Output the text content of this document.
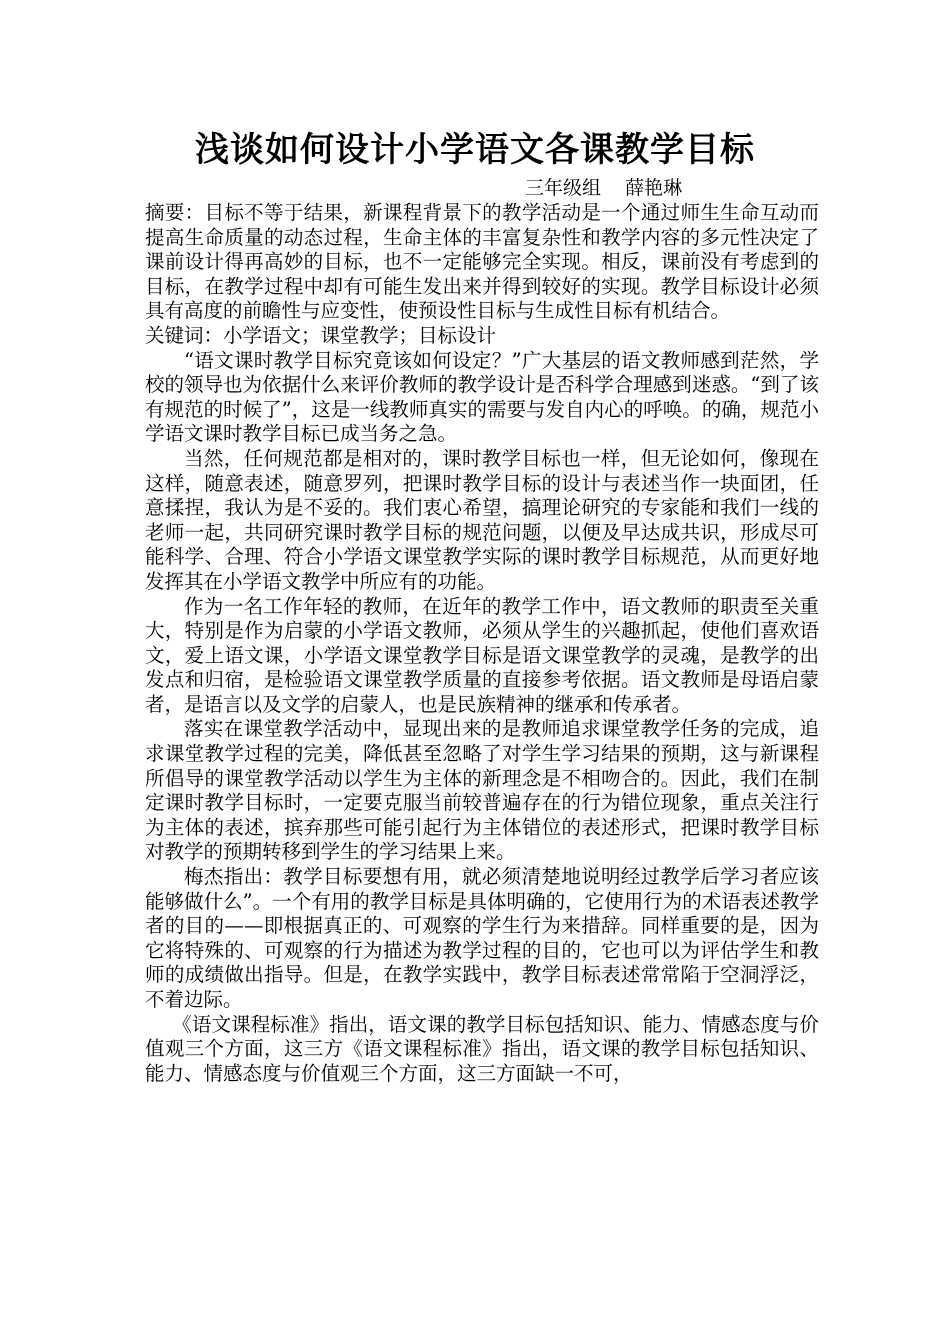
浅谈如何设计小学语文各课教学目标
三年级组    薛艳琳

摘要：目标不等于结果，新课程背景下的教学活动是一个通过师生生命互动而提高生命质量的动态过程，生命主体的丰富复杂性和教学内容的多元性决定了课前设计得再高妙的目标，也不一定能够完全实现。相反，课前没有考虑到的目标，在教学过程中却有可能生发出来并得到较好的实现。教学目标设计必须具有高度的前瞻性与应变性，使预设性目标与生成性目标有机结合。

关键词：小学语文；课堂教学；目标设计

“语文课时教学目标究竟该如何设定？”广大基层的语文教师感到茫然，学校的领导也为依据什么来评价教师的教学设计是否科学合理感到迷惑。“到了该有规范的时候了”，这是一线教师真实的需要与发自内心的呼唤。的确，规范小学语文课时教学目标已成当务之急。

当然，任何规范都是相对的，课时教学目标也一样，但无论如何，像现在这样，随意表述，随意罗列，把课时教学目标的设计与表述当作一块面团，任意揉捏，我认为是不妥的。我们衷心希望，搞理论研究的专家能和我们一线的老师一起，共同研究课时教学目标的规范问题，以便及早达成共识，形成尽可能科学、合理、符合小学语文课堂教学实际的课时教学目标规范，从而更好地发挥其在小学语文教学中所应有的功能。

作为一名工作年轻的教师，在近年的教学工作中，语文教师的职责至关重大，特别是作为启蒙的小学语文教师，必须从学生的兴趣抓起，使他们喜欢语文，爱上语文课，小学语文课堂教学目标是语文课堂教学的灵魂，是教学的出发点和归宿，是检验语文课堂教学质量的直接参考依据。语文教师是母语启蒙者，是语言以及文学的启蒙人，也是民族精神的继承和传承者。

落实在课堂教学活动中，显现出来的是教师追求课堂教学任务的完成，追求课堂教学过程的完美，降低甚至忽略了对学生学习结果的预期，这与新课程所倡导的课堂教学活动以学生为主体的新理念是不相吻合的。因此，我们在制定课时教学目标时，一定要克服当前较普遍存在的行为错位现象，重点关注行为主体的表述，摈弃那些可能引起行为主体错位的表述形式，把课时教学目标对教学的预期转移到学生的学习结果上来。

梅杰指出：教学目标要想有用，就必须清楚地说明经过教学后学习者应该能够做什么”。一个有用的教学目标是具体明确的，它使用行为的术语表述教学者的目的——即根据真正的、可观察的学生行为来措辞。同样重要的是，因为它将特殊的、可观察的行为描述为教学过程的目的，它也可以为评估学生和教师的成绩做出指导。但是，在教学实践中，教学目标表述常常陷于空洞浮泛，不着边际。

《语文课程标准》指出，语文课的教学目标包括知识、能力、情感态度与价值观三个方面，这三方《语文课程标准》指出，语文课的教学目标包括知识、能力、情感态度与价值观三个方面，这三方面缺一不可，
